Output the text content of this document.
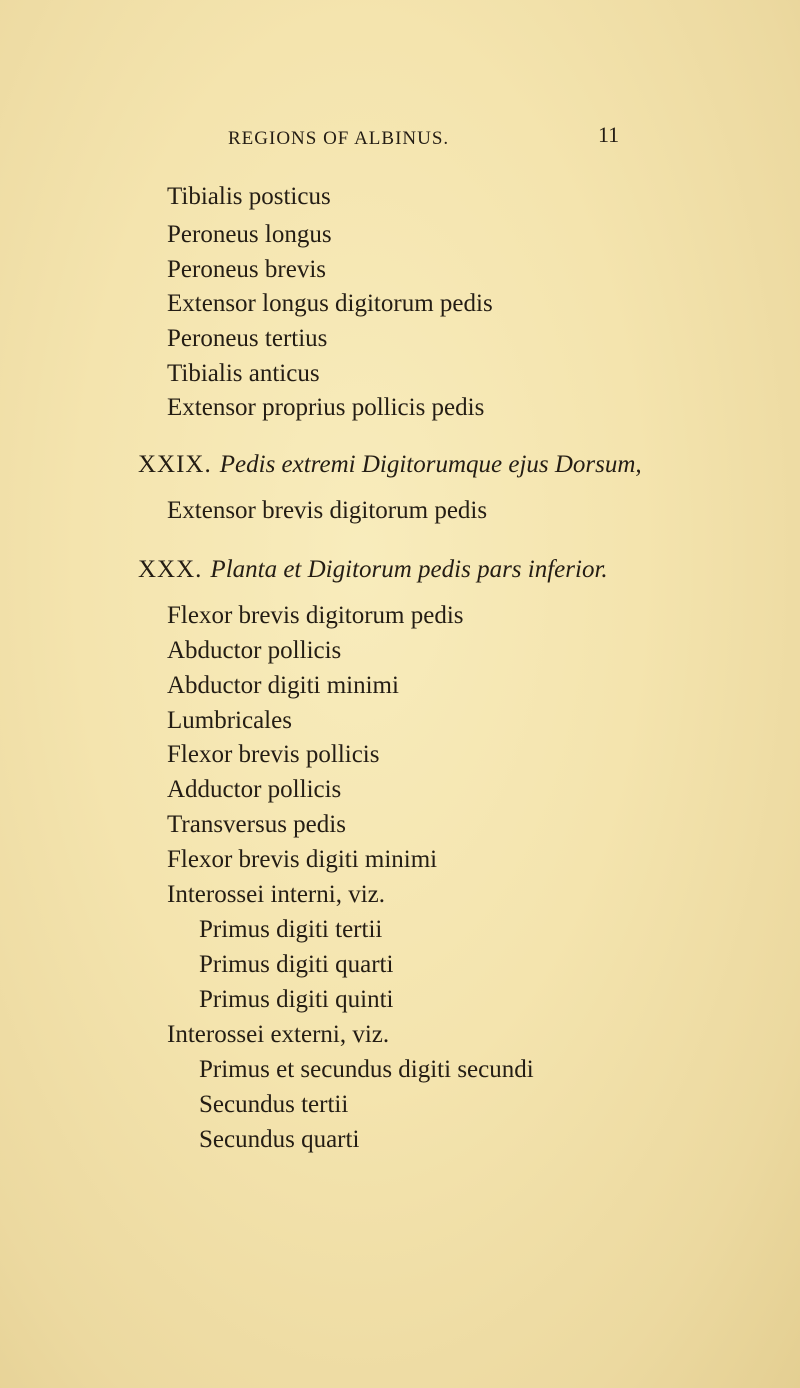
REGIONS OF ALBINUS.	11
Tibialis posticus
Peroneus longus
Peroneus brevis
Extensor longus digitorum pedis
Peroneus tertius
Tibialis anticus
Extensor proprius pollicis pedis
XXIX. Pedis extremi Digitorumque ejus Dorsum,
Extensor brevis digitorum pedis
XXX. Planta et Digitorum pedis pars inferior.
Flexor brevis digitorum pedis
Abductor pollicis
Abductor digiti minimi
Lumbricales
Flexor brevis pollicis
Adductor pollicis
Transversus pedis
Flexor brevis digiti minimi
Interossei interni, viz.
Primus digiti tertii
Primus digiti quarti
Primus digiti quinti
Interossei externi, viz.
Primus et secundus digiti secundi
Secundus tertii
Secundus quarti
